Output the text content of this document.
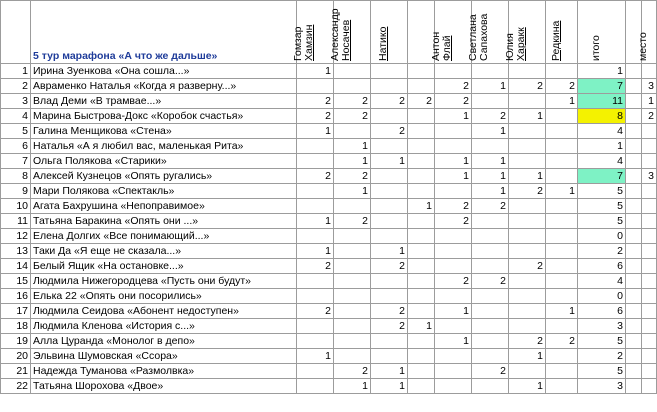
	5 тур марафона «А что же дальше»	Гомзар Хамзин	Александр Носачев	Натико		Антон Флай	Светлана Сапахова	Юлия Харакк	Редкина	итого		место	

1	Ирина Зуенкова «Она сошла...»	1								1			
2	Авраменко Наталья «Когда я разверну...»					2	1	2	2	7		3	
3	Влад Деми «В трамвае...»	2	2	2	2	2			1	11		1	
4	Марина Быстрова-Докс «Коробок счастья»	2	2			1	2	1		8		2	
5	Галина Менщикова «Стена»	1		2			1			4			
6	Наталья «А я любил вас, маленькая Рита»		1							1			
7	Ольга Полякова «Старики»		1	1		1	1			4			
8	Алексей Кузнецов «Опять ругались»	2	2			1	1	1		7		3	
9	Мари Полякова «Спектакль»		1				1	2	1	5			
10	Агата Бахрушина «Непоправимое»				1	2	2			5			
11	Татьяна Баракина «Опять они ...»	1	2			2				5			
12	Елена Долгих «Все понимающий...»									0			
13	Таки Да «Я еще не сказала...»	1		1						2			
14	Белый Ящик «На остановке...»	2		2				2		6			
15	Людмила Нижегородцева «Пусть они будут»					2	2			4			
16	Елька 22 «Опять они посорились»									0			
17	Людмила Сеидова «Абонент недоступен»	2		2		1			1	6			
18	Людмила Кленова «История с...»			2	1					3			
19	Алла Цуранда «Монолог в депо»					1		2	2	5			
20	Эльвина Шумовская «Ссора»	1						1		2			
21	Надежда Туманова «Размолвка»		2	1			2			5			
22	Татьяна Шорохова «Двое»		1	1				1		3			
